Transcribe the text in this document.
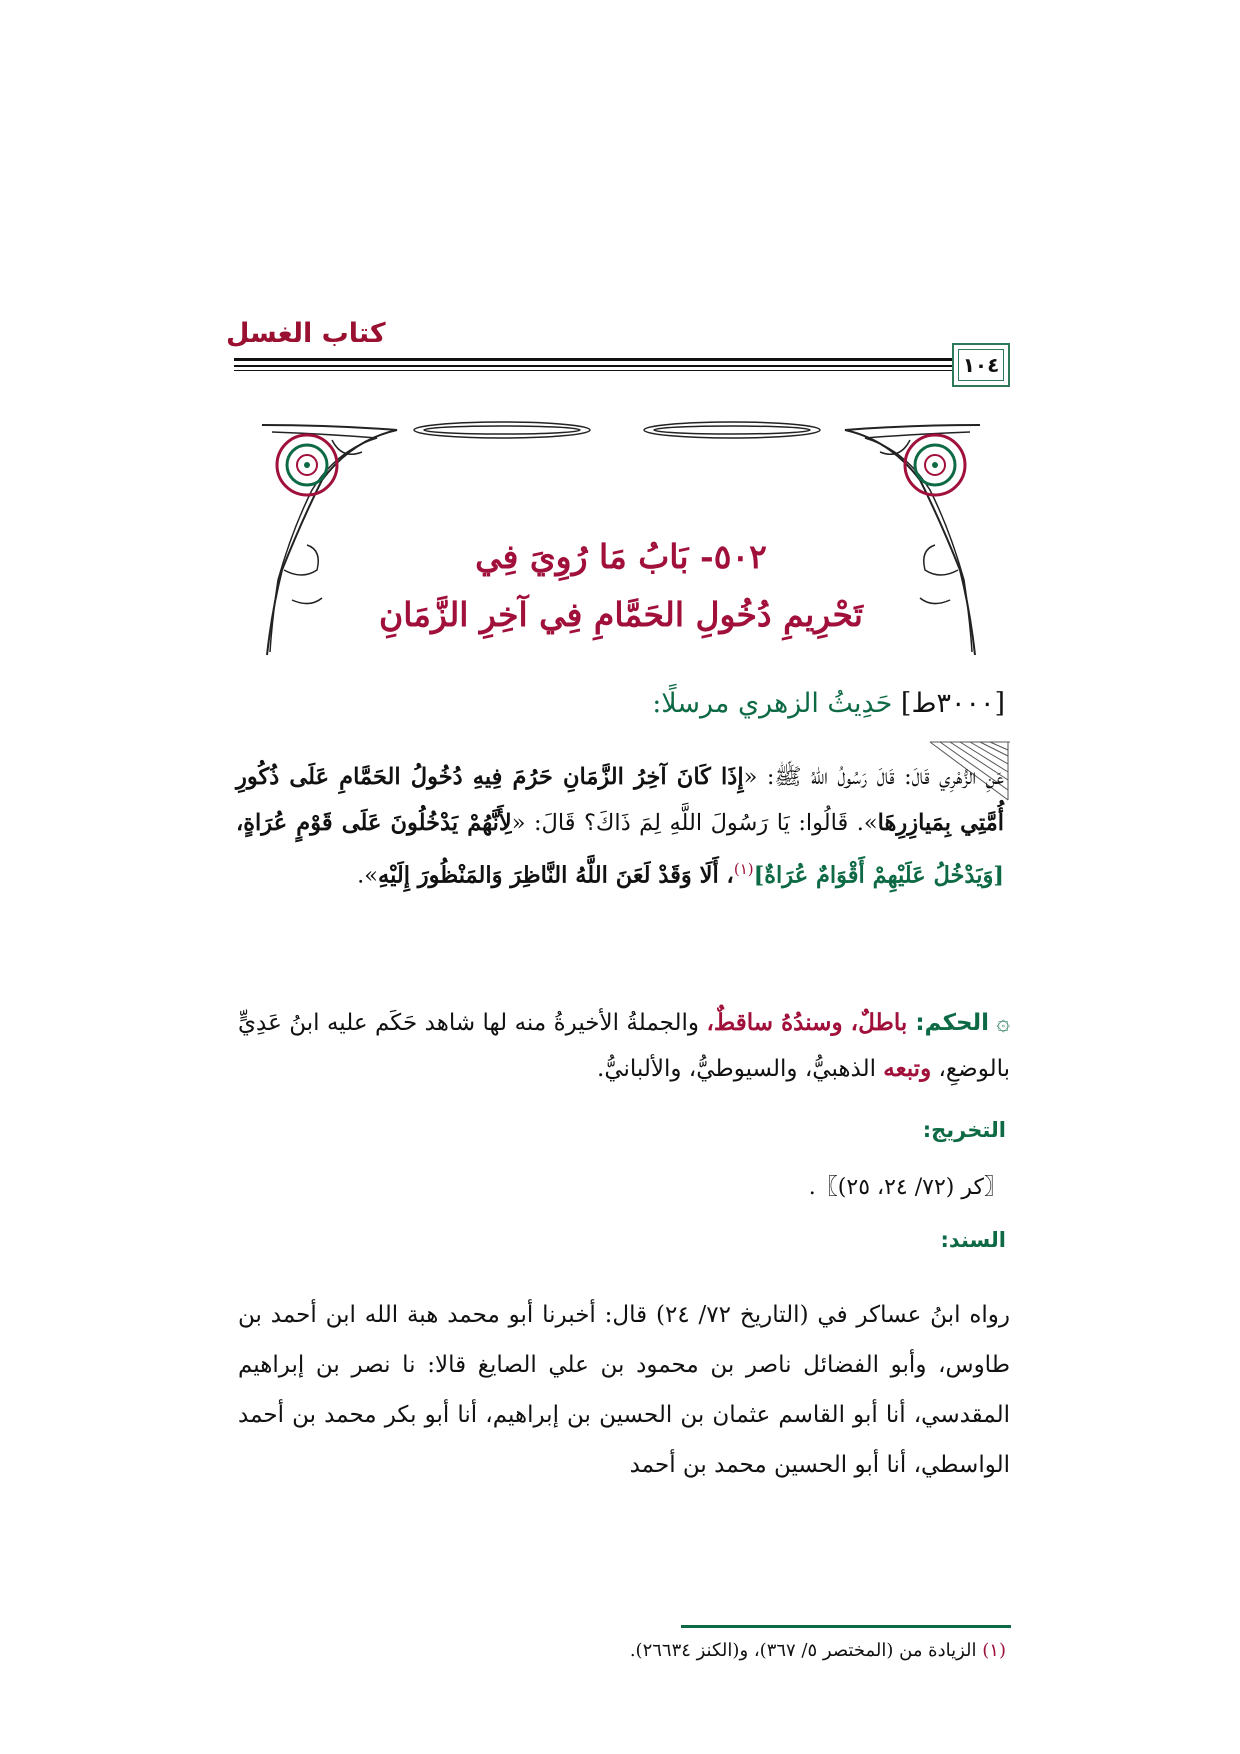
كتاب الغسل
١٠٤
٥٠٢- بَابُ مَا رُوِيَ فِي
تَحْرِيمِ دُخُولِ الحَمَّامِ فِي آخِرِ الزَّمَانِ
[٣٠٠٠ط] حَدِيثُ الزهري مرسلًا:
عَنِ الزُّهْرِي قَالَ: قَالَ رَسُولُ اللهُ ﷺ: «إِذَا كَانَ آخِرُ الزَّمَانِ حَرُمَ فِيهِ دُخُولُ الحَمَّامِ عَلَى ذُكُورِ أُمَّتِي بِمَيازِرِهَا». قَالُوا: يَا رَسُولَ اللَّهِ لِمَ ذَاكَ؟ قَالَ: «لِأَنَّهُمْ يَدْخُلُونَ عَلَى قَوْمٍ عُرَاةٍ، [وَيَدْخُلُ عَلَيْهِمْ أَقْوَامٌ عُرَاةٌ]$^{(١)}$، أَلَا وَقَدْ لَعَنَ اللَّهُ النَّاظِرَ وَالمَنْظُورَ إِلَيْهِ».
۞ الحكم: باطلٌ، وسندُهُ ساقطٌ، والجملةُ الأخيرةُ منه لها شاهد حَكَم عليه ابنُ عَدِيٍّ بالوضعِ، وتبعه الذهبيُّ، والسيوطيُّ، والألبانيُّ.
التخريج:
〖كر (٧٢/ ٢٤، ٢٥)〗.
السند:
رواه ابنُ عساكر في (التاريخ ٧٢/ ٢٤) قال: أخبرنا أبو محمد هبة الله ابن أحمد بن طاوس، وأبو الفضائل ناصر بن محمود بن علي الصايغ قالا: نا نصر بن إبراهيم المقدسي، أنا أبو القاسم عثمان بن الحسين بن إبراهيم، أنا أبو بكر محمد بن أحمد الواسطي، أنا أبو الحسين محمد بن أحمد
(١) الزيادة من (المختصر ٥/ ٣٦٧)، و(الكنز ٢٦٦٣٤).
